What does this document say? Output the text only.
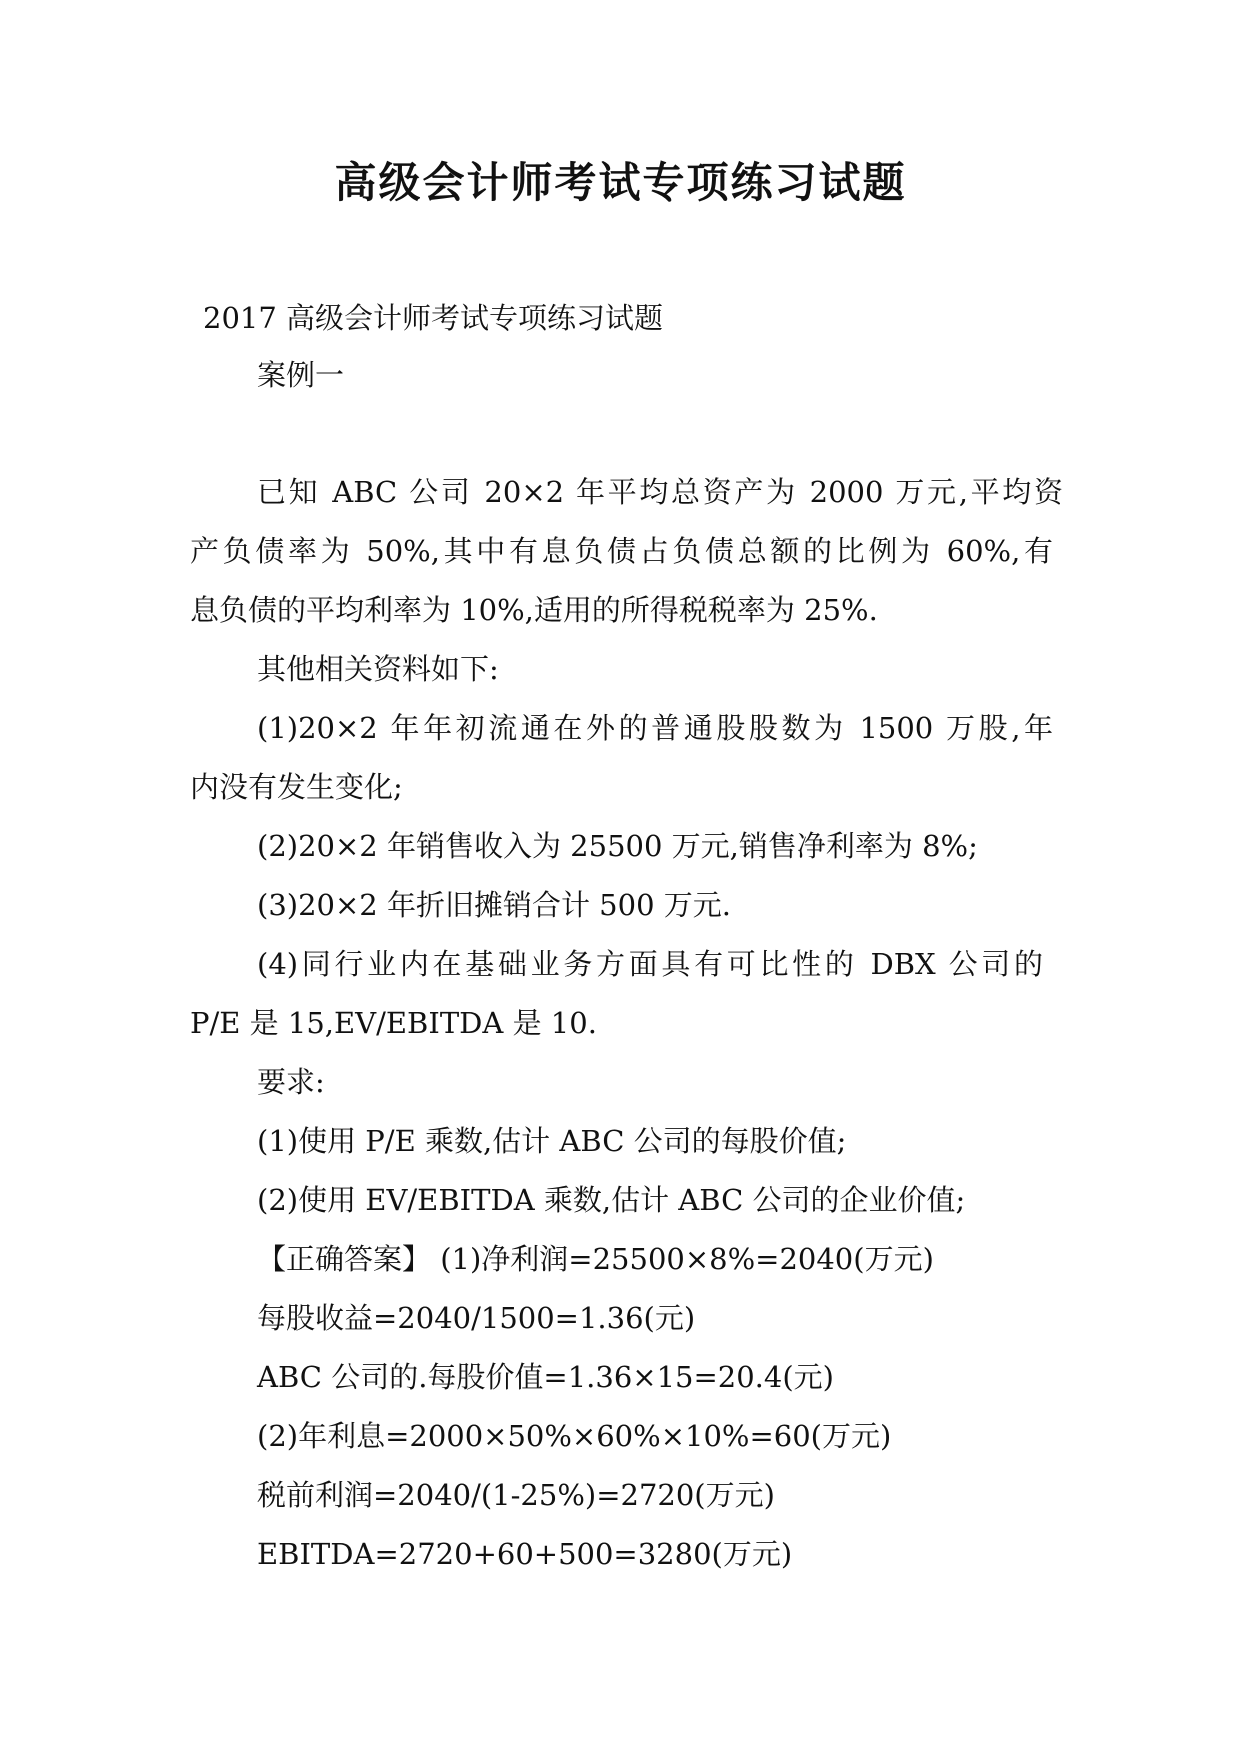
高级会计师考试专项练习试题
2017 高级会计师考试专项练习试题
案例一
已知 ABC 公司 20×2 年平均总资产为 2000 万元,平均资
产负债率为 50%,其中有息负债占负债总额的比例为 60%,有
息负债的平均利率为 10%,适用的所得税税率为 25%.
其他相关资料如下:
(1)20×2 年年初流通在外的普通股股数为 1500 万股,年
内没有发生变化;
(2)20×2 年销售收入为 25500 万元,销售净利率为 8%;
(3)20×2 年折旧摊销合计 500 万元.
(4)同行业内在基础业务方面具有可比性的 DBX 公司的
P/E 是 15,EV/EBITDA 是 10.
要求:
(1)使用 P/E 乘数,估计 ABC 公司的每股价值;
(2)使用 EV/EBITDA 乘数,估计 ABC 公司的企业价值;
【正确答案】 (1)净利润=25500×8%=2040(万元)
每股收益=2040/1500=1.36(元)
ABC 公司的.每股价值=1.36×15=20.4(元)
(2)年利息=2000×50%×60%×10%=60(万元)
税前利润=2040/(1-25%)=2720(万元)
EBITDA=2720+60+500=3280(万元)
